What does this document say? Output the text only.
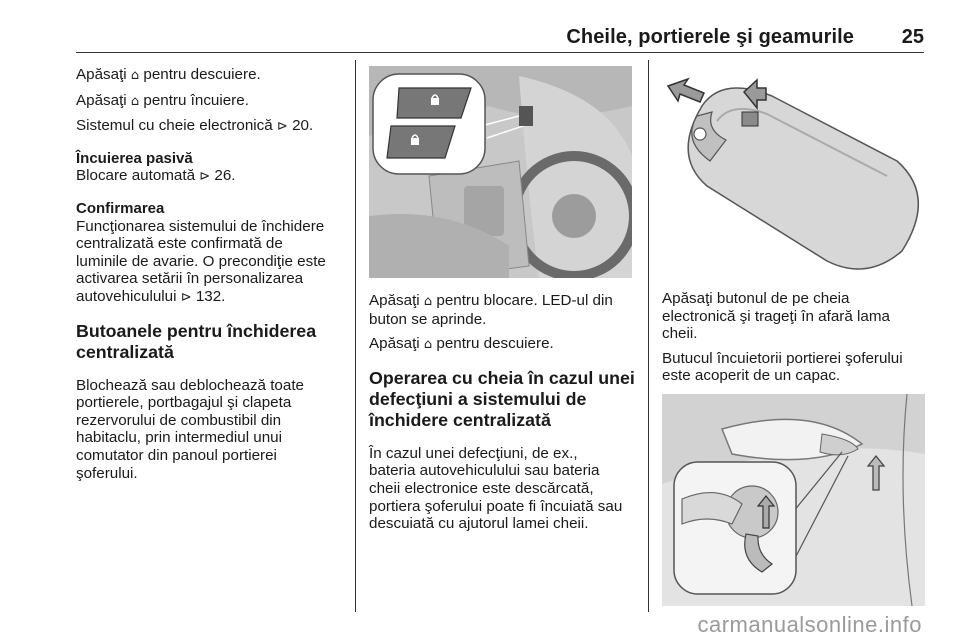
Cheile, portierele şi geamurile 25

Apăsaţi ⌂ pentru descuiere.

Apăsaţi ⌂ pentru încuiere.

Sistemul cu cheie electronică ⊳ 20.

Încuierea pasivă

Blocare automată ⊳ 26.

Confirmarea

Funcţionarea sistemului de închidere

centralizată este confirmată de

luminile de avarie. O precondiţie este

activarea setării în personalizarea

autovehiculului ⊳ 132.

Butoanele pentru închiderea

centralizată

Blochează sau deblochează toate

portierele, portbagajul şi clapeta

rezervorului de combustibil din

habitaclu, prin intermediul unui

comutator din panoul portierei

şoferului.

Apăsaţi ⌂ pentru blocare. LED-ul din

buton se aprinde.

Apăsaţi ⌂ pentru descuiere.

Operarea cu cheia în cazul unei

defecţiuni a sistemului de

închidere centralizată

În cazul unei defecţiuni, de ex.,

bateria autovehiculului sau bateria

cheii electronice este descărcată,

portiera şoferului poate fi încuiată sau

descuiată cu ajutorul lamei cheii.

Apăsaţi butonul de pe cheia

electronică şi trageţi în afară lama

cheii.

Butucul încuietorii portierei şoferului

este acoperit de un capac.

carmanualsonline.info
